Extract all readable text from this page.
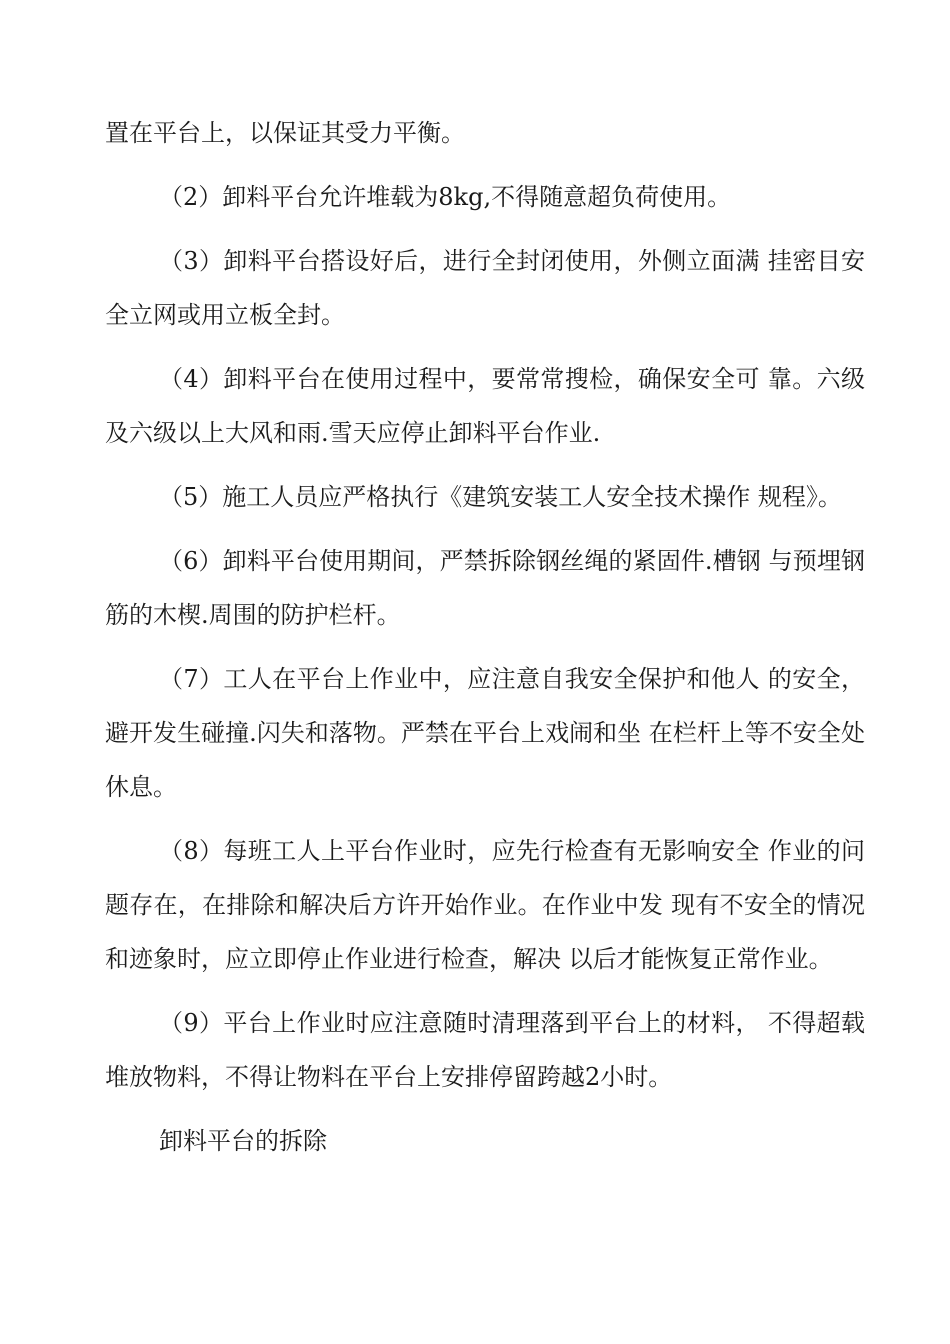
置在平台上，以保证其受力平衡。

（2）卸料平台允许堆载为8kg,不得随意超负荷使用。

（3）卸料平台搭设好后，进行全封闭使用，外侧立面满 挂密目安全立网或用立板全封。

（4）卸料平台在使用过程中，要常常搜检，确保安全可 靠。六级及六级以上大风和雨.雪天应停止卸料平台作业.

（5）施工人员应严格执行《建筑安装工人安全技术操作 规程》。

（6）卸料平台使用期间，严禁拆除钢丝绳的紧固件.槽钢 与预埋钢筋的木楔.周围的防护栏杆。

（7）工人在平台上作业中，应注意自我安全保护和他人 的安全，避开发生碰撞.闪失和落物。严禁在平台上戏闹和坐 在栏杆上等不安全处休息。

（8）每班工人上平台作业时，应先行检查有无影响安全 作业的问题存在，在排除和解决后方许开始作业。在作业中发 现有不安全的情况和迹象时，应立即停止作业进行检查，解决 以后才能恢复正常作业。

（9）平台上作业时应注意随时清理落到平台上的材料， 不得超载堆放物料，不得让物料在平台上安排停留跨越2小时。

卸料平台的拆除
